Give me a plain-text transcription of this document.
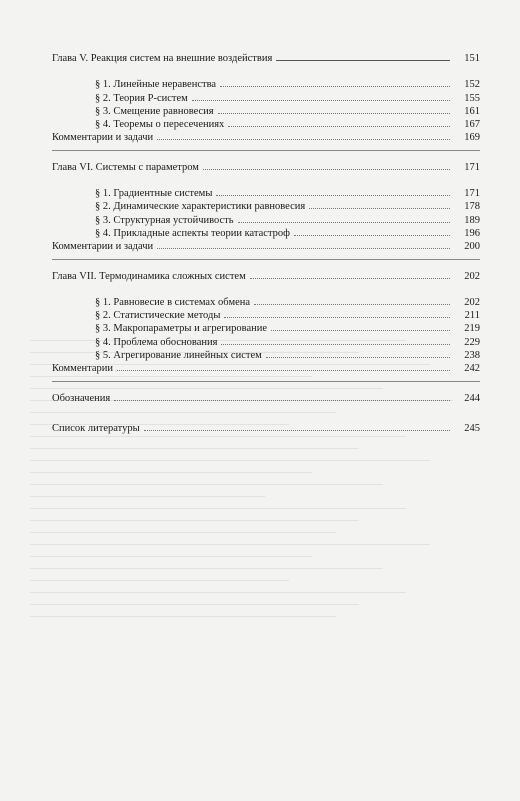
Глава V. Реакция систем на внешние воздействия	151
§ 1. Линейные неравенства	152
§ 2. Теория Р-систем	155
§ 3. Смещение равновесия	161
§ 4. Теоремы о пересечениях	167
Комментарии и задачи	169
Глава VI. Системы с параметром	171
§ 1. Градиентные системы	171
§ 2. Динамические характеристики равновесия	178
§ 3. Структурная устойчивость	189
§ 4. Прикладные аспекты теории катастроф	196
Комментарии и задачи	200
Глава VII. Термодинамика сложных систем	202
§ 1. Равновесие в системах обмена	202
§ 2. Статистические методы	211
§ 3. Макропараметры и агрегирование	219
§ 4. Проблема обоснования	229
§ 5. Агрегирование линейных систем	238
Комментарии	242
Обозначения	244
Список литературы	245
